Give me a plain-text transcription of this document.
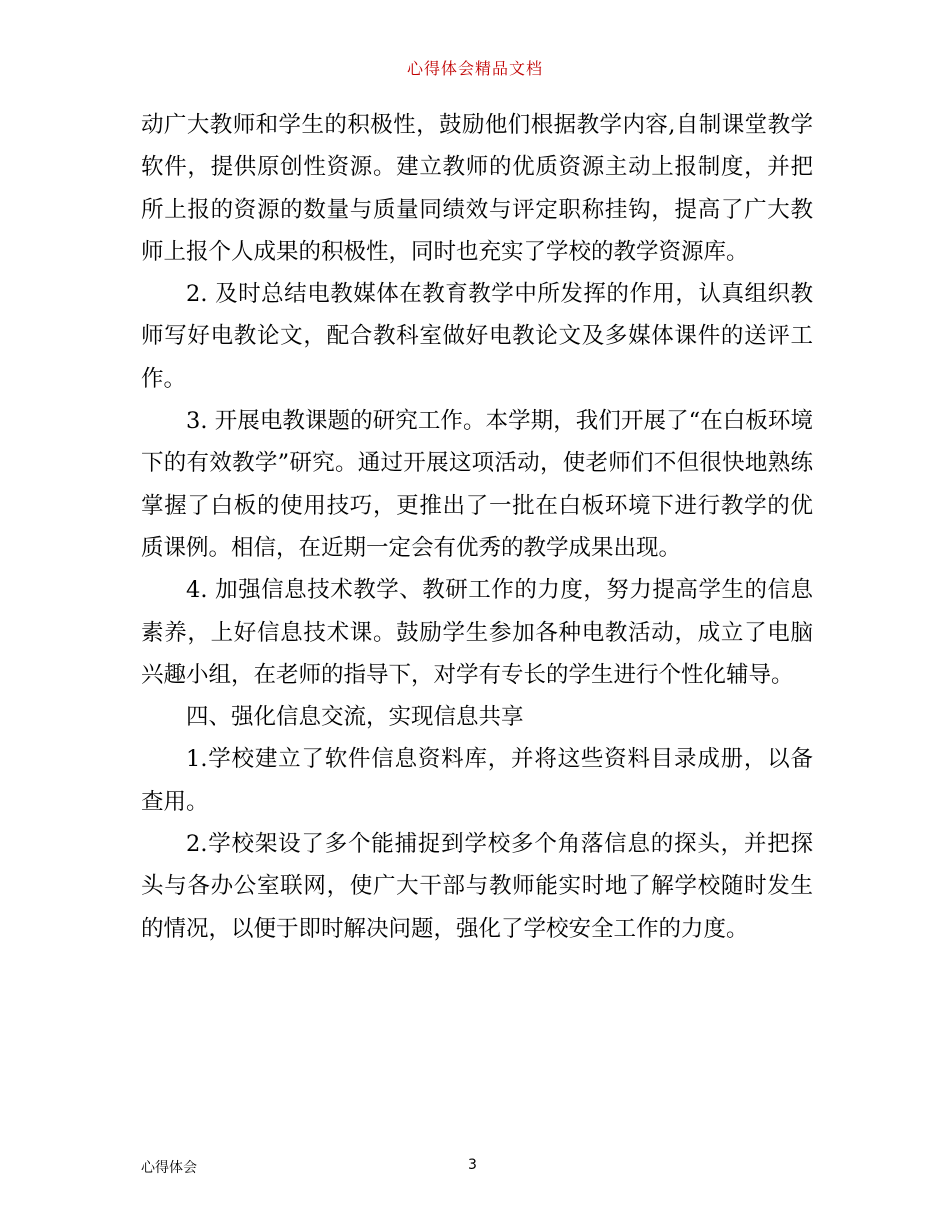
心得体会精品文档

动广大教师和学生的积极性，鼓励他们根据教学内容,自制课堂教学软件，提供原创性资源。建立教师的优质资源主动上报制度，并把所上报的资源的数量与质量同绩效与评定职称挂钩，提高了广大教师上报个人成果的积极性，同时也充实了学校的教学资源库。

2. 及时总结电教媒体在教育教学中所发挥的作用，认真组织教师写好电教论文，配合教科室做好电教论文及多媒体课件的送评工作。

3. 开展电教课题的研究工作。本学期，我们开展了“在白板环境下的有效教学”研究。通过开展这项活动，使老师们不但很快地熟练掌握了白板的使用技巧，更推出了一批在白板环境下进行教学的优质课例。相信，在近期一定会有优秀的教学成果出现。

4. 加强信息技术教学、教研工作的力度，努力提高学生的信息素养，上好信息技术课。鼓励学生参加各种电教活动，成立了电脑兴趣小组，在老师的指导下，对学有专长的学生进行个性化辅导。

四、强化信息交流，实现信息共享

1.学校建立了软件信息资料库，并将这些资料目录成册，以备查用。

2.学校架设了多个能捕捉到学校多个角落信息的探头，并把探头与各办公室联网，使广大干部与教师能实时地了解学校随时发生的情况，以便于即时解决问题，强化了学校安全工作的力度。

心得体会	3
